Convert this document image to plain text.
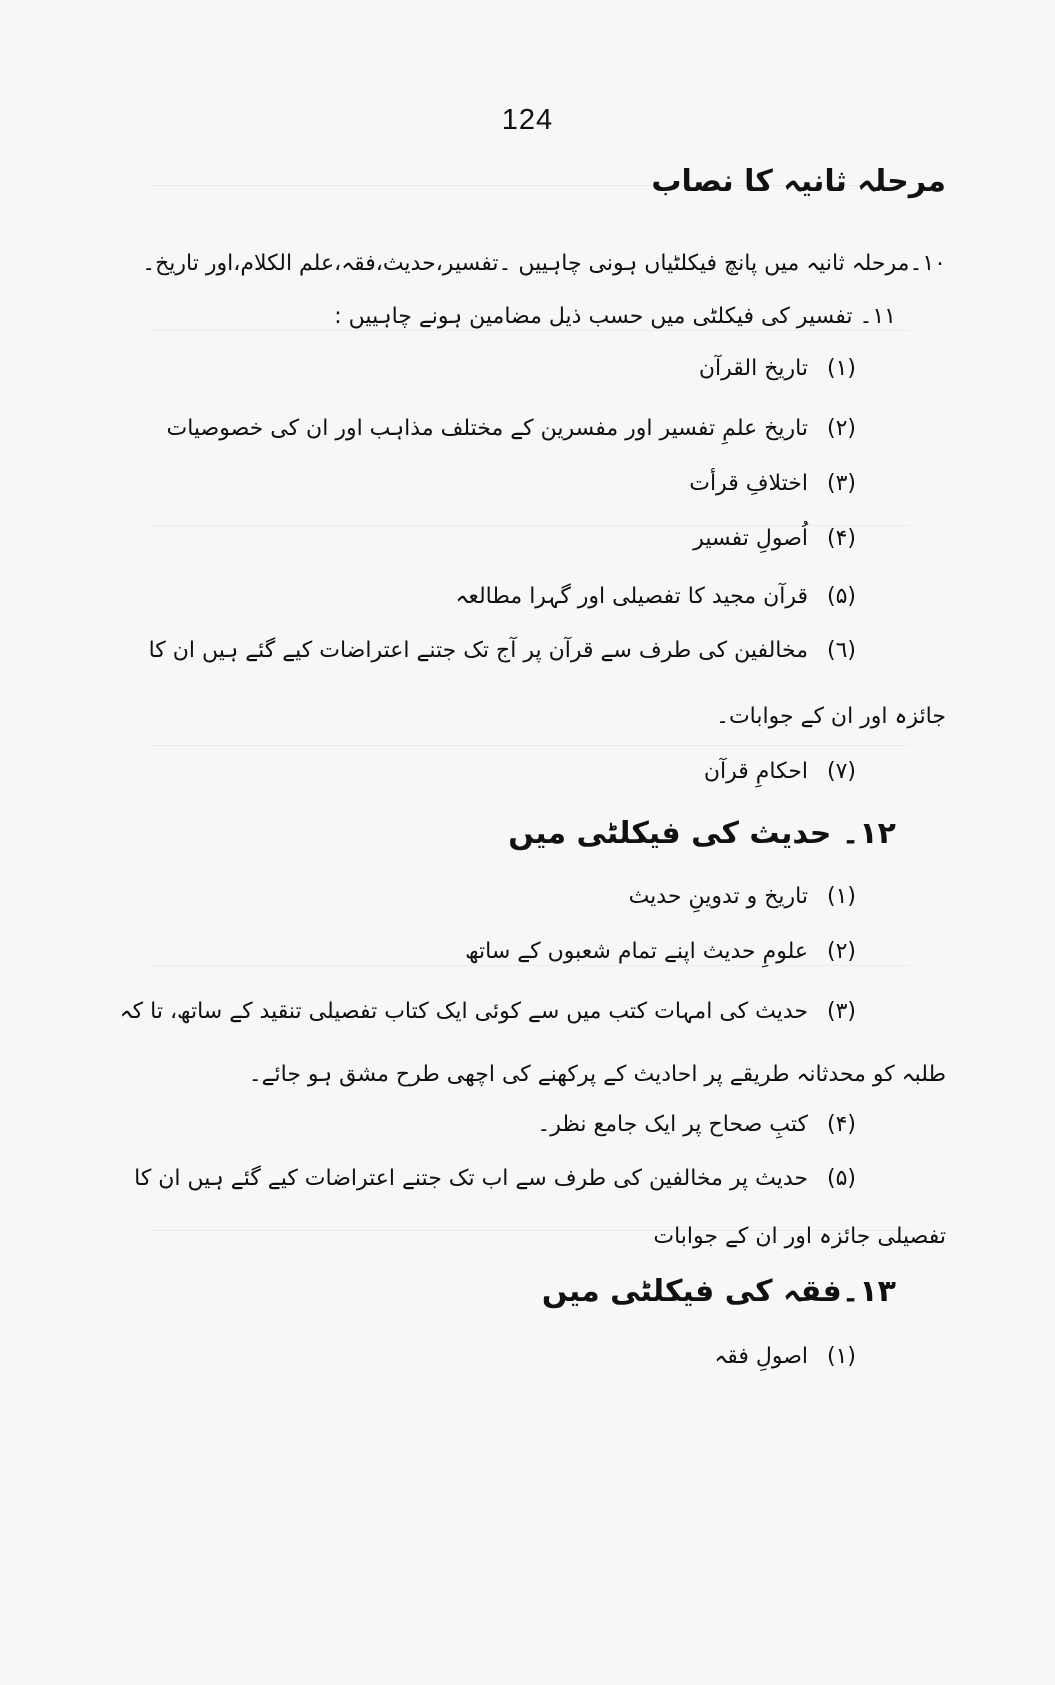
124
مرحلہ ثانیہ کا نصاب
١٠۔مرحلہ ثانیہ میں پانچ فیکلٹیاں ہونی چاہییں ۔تفسیر،حدیث،فقہ،علم الکلام،اور تاریخ۔
١١۔ تفسیر کی فیکلٹی میں حسب ذیل مضامین ہونے چاہییں :
(١)تاریخ القرآن
(٢)تاریخ علمِ تفسیر اور مفسرین کے مختلف مذاہب اور ان کی خصوصیات
(٣)اختلافِ قرأت
(۴)اُصولِ تفسیر
(۵)قرآن مجید کا تفصیلی اور گہرا مطالعہ
(٦)مخالفین کی طرف سے قرآن پر آج تک جتنے اعتراضات کیے گئے ہیں ان کا
جائزہ اور ان کے جوابات۔
(٧)احکامِ قرآن
١٢۔ حدیث کی فیکلٹی میں
(١)تاریخ و تدوینِ حدیث
(٢)علومِ حدیث اپنے تمام شعبوں کے ساتھ
(٣)حدیث کی امہات کتب میں سے کوئی ایک کتاب تفصیلی تنقید کے ساتھ، تا کہ
طلبہ کو محدثانہ طریقے پر احادیث کے پرکھنے کی اچھی طرح مشق ہو جائے۔
(۴)کتبِ صحاح پر ایک جامع نظر۔
(۵)حدیث پر مخالفین کی طرف سے اب تک جتنے اعتراضات کیے گئے ہیں ان کا
تفصیلی جائزہ اور ان کے جوابات
١٣۔فقہ کی فیکلٹی میں
(١)اصولِ فقہ
